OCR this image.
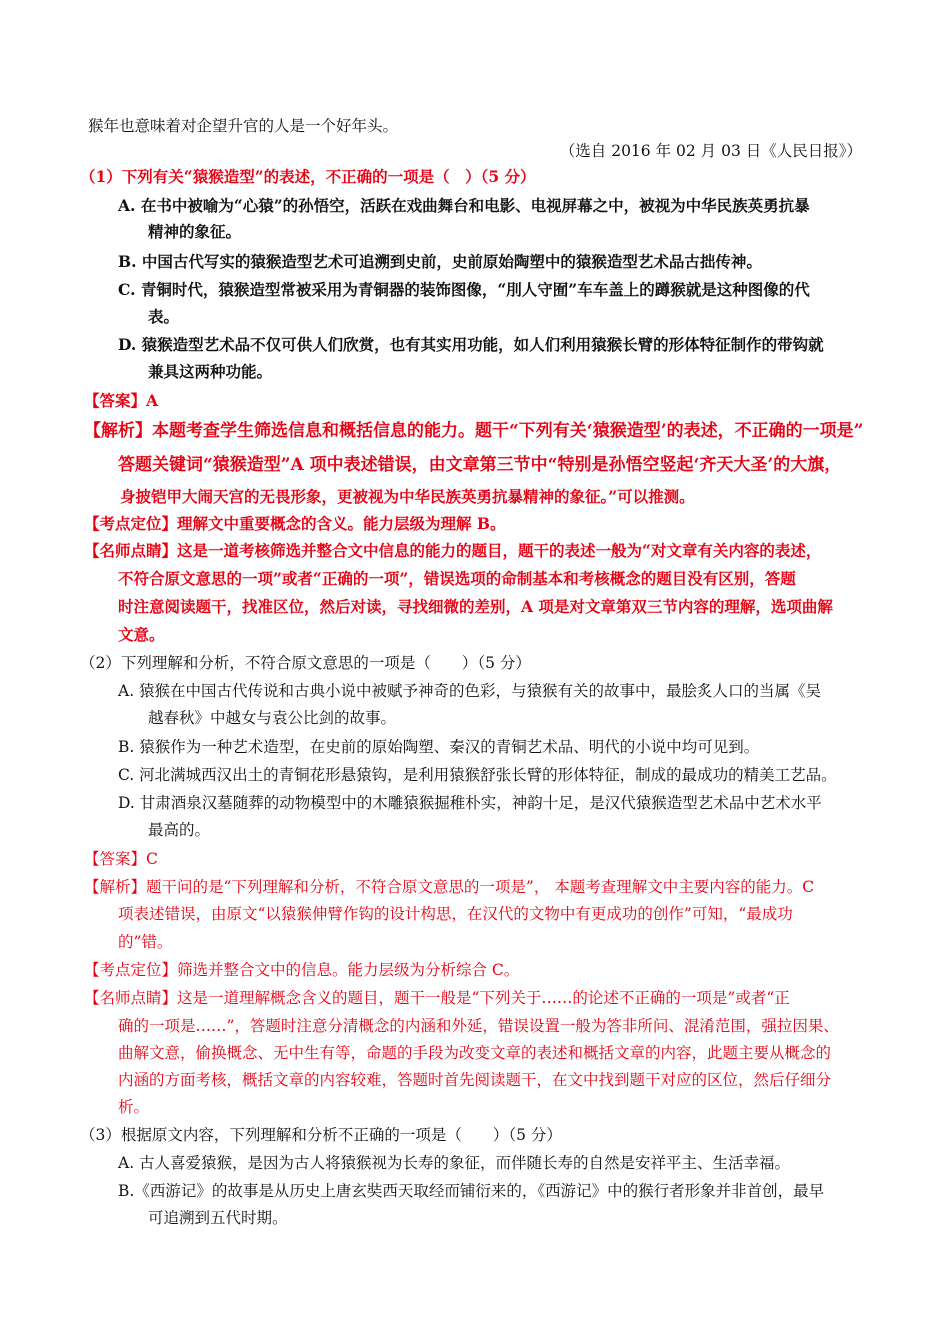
猴年也意味着对企望升官的人是一个好年头。
（选自 2016 年 02 月 03 日《人民日报》）
（1）下列有关“猿猴造型”的表述，不正确的一项是（　）（5 分）
A. 在书中被喻为“心猿”的孙悟空，活跃在戏曲舞台和电影、电视屏幕之中，被视为中华民族英勇抗暴
精神的象征。
B. 中国古代写实的猿猴造型艺术可追溯到史前，史前原始陶塑中的猿猴造型艺术品古拙传神。
C. 青铜时代，猿猴造型常被采用为青铜器的装饰图像，“刖人守囿”车车盖上的蹲猴就是这种图像的代
表。
D. 猿猴造型艺术品不仅可供人们欣赏，也有其实用功能，如人们利用猿猴长臂的形体特征制作的带钩就
兼具这两种功能。
【答案】A
【解析】本题考查学生筛选信息和概括信息的能力。题干“下列有关‘猿猴造型’的表述，不正确的一项是”
答题关键词“猿猴造型”A 项中表述错误，由文章第三节中“特别是孙悟空竖起‘齐天大圣’的大旗，
身披铠甲大闹天宫的无畏形象，更被视为中华民族英勇抗暴精神的象征。”可以推测。
【考点定位】理解文中重要概念的含义。能力层级为理解 B。
【名师点睛】这是一道考核筛选并整合文中信息的能力的题目，题干的表述一般为“对文章有关内容的表述，
不符合原文意思的一项”或者“正确的一项”，错误选项的命制基本和考核概念的题目没有区别，答题
时注意阅读题干，找准区位，然后对读，寻找细微的差别，A 项是对文章第双三节内容的理解，选项曲解
文意。
（2）下列理解和分析，不符合原文意思的一项是（　　）（5 分）
A. 猿猴在中国古代传说和古典小说中被赋予神奇的色彩，与猿猴有关的故事中，最脍炙人口的当属《吴
越春秋》中越女与袁公比剑的故事。
B. 猿猴作为一种艺术造型，在史前的原始陶塑、秦汉的青铜艺术品、明代的小说中均可见到。
C. 河北满城西汉出土的青铜花形悬猿钩，是利用猿猴舒张长臂的形体特征，制成的最成功的精美工艺品。
D. 甘肃酒泉汉墓随葬的动物模型中的木雕猿猴掘稚朴实，神韵十足，是汉代猿猴造型艺术品中艺术水平
最高的。
【答案】C
【解析】题干问的是“下列理解和分析，不符合原文意思的一项是”， 本题考查理解文中主要内容的能力。C
项表述错误，由原文“以猿猴伸臂作钩的设计构思，在汉代的文物中有更成功的创作”可知，“最成功
的”错。
【考点定位】筛选并整合文中的信息。能力层级为分析综合 C。
【名师点睛】这是一道理解概念含义的题目，题干一般是“下列关于……的论述不正确的一项是”或者“正
确的一项是……”，答题时注意分清概念的内涵和外延，错误设置一般为答非所问、混淆范围，强拉因果、
曲解文意，偷换概念、无中生有等，命题的手段为改变文章的表述和概括文章的内容，此题主要从概念的
内涵的方面考核，概括文章的内容较难，答题时首先阅读题干，在文中找到题干对应的区位，然后仔细分
析。
（3）根据原文内容，下列理解和分析不正确的一项是（　　）（5 分）
A. 古人喜爱猿猴，是因为古人将猿猴视为长寿的象征，而伴随长寿的自然是安祥平主、生活幸福。
B.《西游记》的故事是从历史上唐玄奘西天取经而铺衍来的，《西游记》中的猴行者形象并非首创，最早
可追溯到五代时期。
